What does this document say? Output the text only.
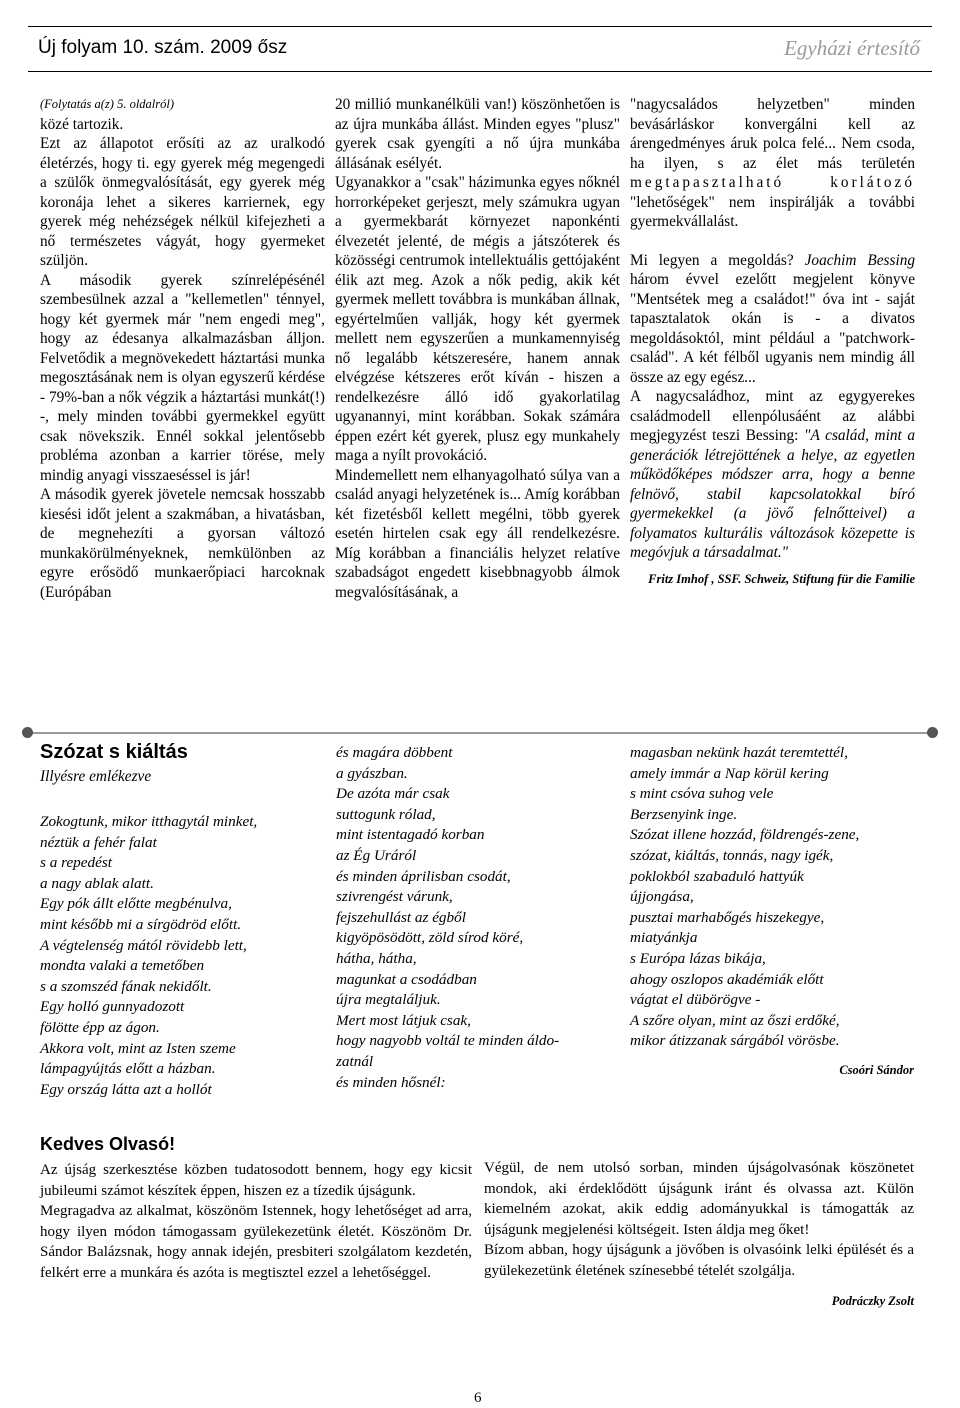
Új folyam 10. szám. 2009 ősz	Egyházi értesítő

(Folytatás a(z) 5. oldalról)

közé tartozik.

Ezt az állapotot erősíti az az uralkodó életérzés, hogy ti. egy gyerek még megengedi a szülők önmegvalósítását, egy gyerek még koronája lehet a sikeres karriernek, egy gyerek még nehézségek nélkül kifejezheti a nő természetes vágyát, hogy gyermeket szüljön.

A második gyerek színrelépésénél szembesülnek azzal a "kellemetlen" ténnyel, hogy két gyermek már "nem engedi meg", hogy az édesanya alkalmazásban álljon. Felvetődik a megnövekedett háztartási munka megosztásának nem is olyan egyszerű kérdése - 79%-ban a nők végzik a háztartási munkát(!) -, mely minden további gyermekkel együtt csak növekszik. Ennél sokkal jelentősebb probléma azonban a karrier törése, mely mindig anyagi visszaeséssel is jár!

A második gyerek jövetele nemcsak hosszabb kiesési időt jelent a szakmában, a hivatásban, de megnehezíti a gyorsan változó munkakörülményeknek, nemkülönben az egyre erősödő munkaerőpiaci harcoknak (Európában

20 millió munkanélküli van!) köszönhetően is az újra munkába állást. Minden egyes "plusz" gyerek csak gyengíti a nő újra munkába állásának esélyét.

Ugyanakkor a "csak" házimunka egyes nőknél horrorképeket gerjeszt, mely számukra ugyan a gyermekbarát környezet naponkénti élvezetét jelenté, de mégis a játszóterek és közösségi centrumok intellektuális gettójaként élik azt meg. Azok a nők pedig, akik két gyermek mellett továbbra is munkában állnak, egyértelműen vallják, hogy két gyermek mellett nem egyszerűen a munkamennyiség nő legalább kétszeresére, hanem annak elvégzése kétszeres erőt kíván - hiszen a rendelkezésre álló idő gyakorlatilag ugyanannyi, mint korábban. Sokak számára éppen ezért két gyerek, plusz egy munkahely maga a nyílt provokáció.

Mindemellett nem elhanyagolható súlya van a család anyagi helyzetének is... Amíg korábban két fizetésből kellett megélni, több gyerek esetén hirtelen csak egy áll rendelkezésre. Míg korábban a financiális helyzet relatíve szabadságot engedett kisebbnagyobb álmok megvalósításának, a

"nagycsaládos helyzetben" minden bevásárláskor konvergálni kell az árengedményes áruk polca felé... Nem csoda, ha ilyen, s az élet más területén megtapasztalható korlátozó "lehetőségek" nem inspirálják a további gyermekvállalást.

Mi legyen a megoldás? Joachim Bessing három évvel ezelőtt megjelent könyve "Mentsétek meg a családot!" óva int - saját tapasztalatok okán is - a divatos megoldásoktól, mint például a "patchwork-család". A két félből ugyanis nem mindig áll össze az egy egész...

A nagycsaládhoz, mint az egygyerekes családmodell ellenpólusáént az alábbi megjegyzést teszi Bessing: "A család, mint a generációk létrejöttének a helye, az egyetlen működőképes módszer arra, hogy a benne felnövő, stabil kapcsolatokkal bíró gyermekekkel (a jövő felnőtteivel) a folyamatos kulturális változások közepette is megóvjuk a társadalmat."

Fritz Imhof , SSF. Schweiz, Stiftung für die Familie

Szózat s kiáltás
Illyésre emlékezve
Zokogtunk, mikor itthagytál minket,
néztük a fehér falat
s a repedést
a nagy ablak alatt.
Egy pók állt előtte megbénulva,
mint később mi a sírgödröd előtt.
A végtelenség mától rövidebb lett,
mondta valaki a temetőben
s a szomszéd fának nekidőlt.
Egy holló gunnyadozott
fölötte épp az ágon.
Akkora volt, mint az Isten szeme
lámpagyújtás előtt a házban.
Egy ország látta azt a hollót
és magára döbbent
a gyászban.
De azóta már csak
suttogunk rólad,
mint istentagadó korban
az Ég Uráról
és minden áprilisban csodát,
szivrengést várunk,
fejszehullást az égből
kigyöpösödött, zöld sírod köré,
hátha, hátha,
magunkat a csodádban
újra megtaláljuk.
Mert most látjuk csak,
hogy nagyobb voltál te minden áldo-
zatnál
és minden hősnél:
magasban nekünk hazát teremtettél,
amely immár a Nap körül kering
s mint csóva suhog vele
Berzsenyink inge.
Szózat illene hozzád, földrengés-zene,
szózat, kiáltás, tonnás, nagy igék,
poklokból szabaduló hattyúk
újjongása,
pusztai marhabőgés hiszekegye,
miatyánkja
s Európa lázas bikája,
ahogy oszlopos akadémiák előtt
vágtat el dübörögve -
A szőre olyan, mint az őszi erdőké,
mikor átizzanak sárgából vörösbe.
Csoóri Sándor
Kedves Olvasó!

Az újság szerkesztése közben tudatosodott bennem, hogy egy kicsit jubileumi számot készítek éppen, hiszen ez a tízedik újságunk.

Megragadva az alkalmat, köszönöm Istennek, hogy lehetőséget ad arra, hogy ilyen módon támogassam gyülekezetünk életét. Köszönöm Dr. Sándor Balázsnak, hogy annak idején, presbiteri szolgálatom kezdetén, felkért erre a munkára és azóta is megtisztel ezzel a lehetőséggel.

Végül, de nem utolsó sorban, minden újságolvasónak köszönetet mondok, aki érdeklődött újságunk iránt és olvassa azt. Külön kiemelném azokat, akik eddig adományukkal is támogatták az újságunk megjelenési költségeit. Isten áldja meg őket!

Bízom abban, hogy újságunk a jövőben is olvasóink lelki épülését és a gyülekezetünk életének színesebbé tételét szolgálja.

Podráczky Zsolt

6
